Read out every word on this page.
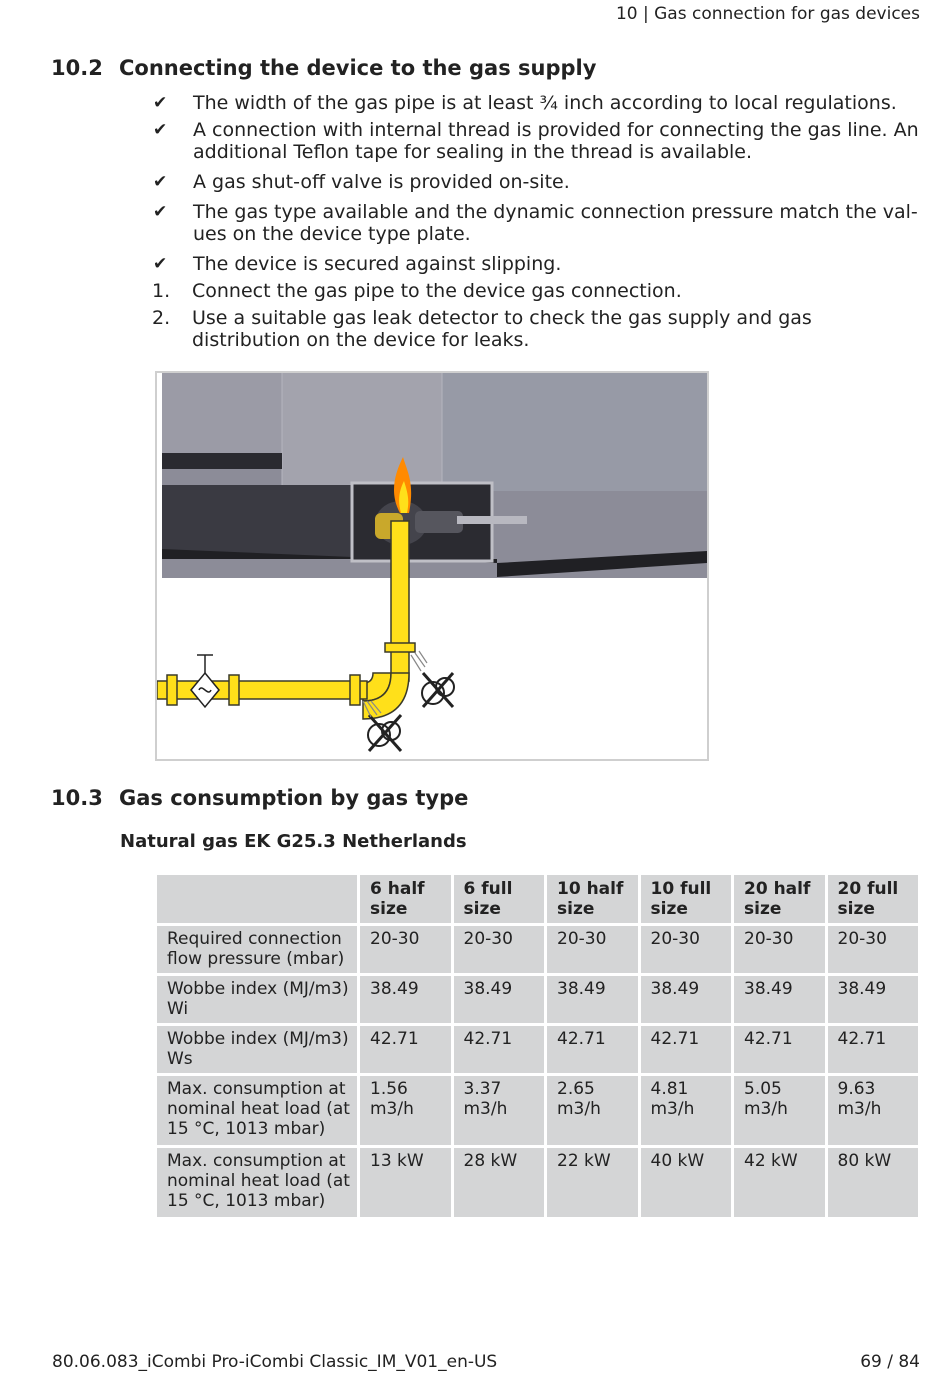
10 | Gas connection for gas devices
10.2 Connecting the device to the gas supply
✔	The width of the gas pipe is at least ¾ inch according to local regulations.
✔	A connection with internal thread is provided for connecting the gas line. An additional Teflon tape for sealing in the thread is available.
✔	A gas shut-off valve is provided on-site.
✔	The gas type available and the dynamic connection pressure match the val-ues on the device type plate.
✔	The device is secured against slipping.
1.	Connect the gas pipe to the device gas connection.
2.	Use a suitable gas leak detector to check the gas supply and gas distribution on the device for leaks.
10.3 Gas consumption by gas type
Natural gas EK G25.3 Netherlands
	6 half size	6 full size	10 half size	10 full size	20 half size	20 full size
Required connection flow pressure (mbar)	20-30	20-30	20-30	20-30	20-30	20-30
Wobbe index (MJ/m3) Wi	38.49	38.49	38.49	38.49	38.49	38.49
Wobbe index (MJ/m3) Ws	42.71	42.71	42.71	42.71	42.71	42.71
Max. consumption at nominal heat load (at 15 °C, 1013 mbar)	1.56 m3/h	3.37 m3/h	2.65 m3/h	4.81 m3/h	5.05 m3/h	9.63 m3/h
Max. consumption at nominal heat load (at 15 °C, 1013 mbar)	13 kW	28 kW	22 kW	40 kW	42 kW	80 kW
80.06.083_iCombi Pro-iCombi Classic_IM_V01_en-US	69 / 84
